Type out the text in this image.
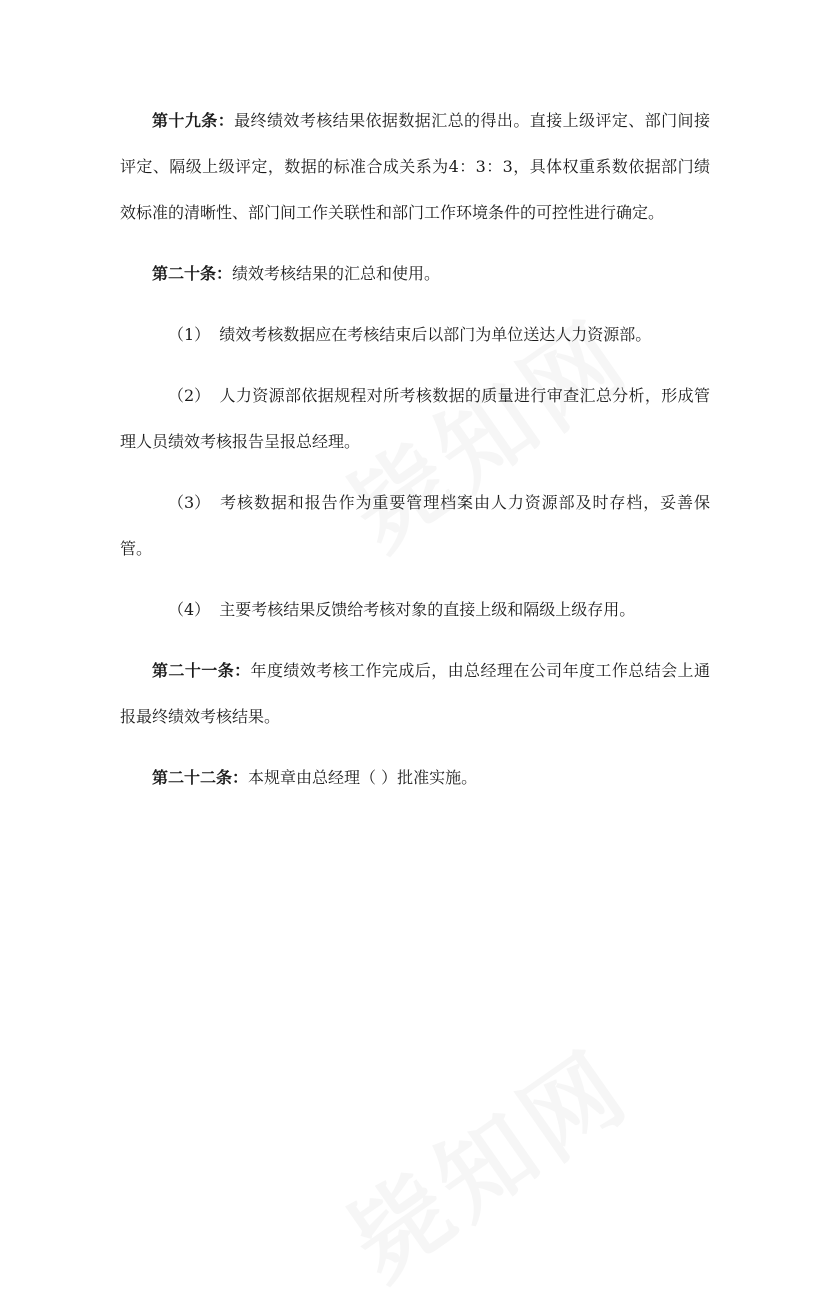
第十九条：最终绩效考核结果依据数据汇总的得出。直接上级评定、部门间接评定、隔级上级评定，数据的标准合成关系为4：3：3，具体权重系数依据部门绩效标准的清晰性、部门间工作关联性和部门工作环境条件的可控性进行确定。

第二十条：绩效考核结果的汇总和使用。

（1） 绩效考核数据应在考核结束后以部门为单位送达人力资源部。

（2） 人力资源部依据规程对所考核数据的质量进行审查汇总分析，形成管理人员绩效考核报告呈报总经理。

（3） 考核数据和报告作为重要管理档案由人力资源部及时存档，妥善保管。

（4） 主要考核结果反馈给考核对象的直接上级和隔级上级存用。

第二十一条：年度绩效考核工作完成后，由总经理在公司年度工作总结会上通报最终绩效考核结果。

第二十二条：本规章由总经理（ ）批准实施。
